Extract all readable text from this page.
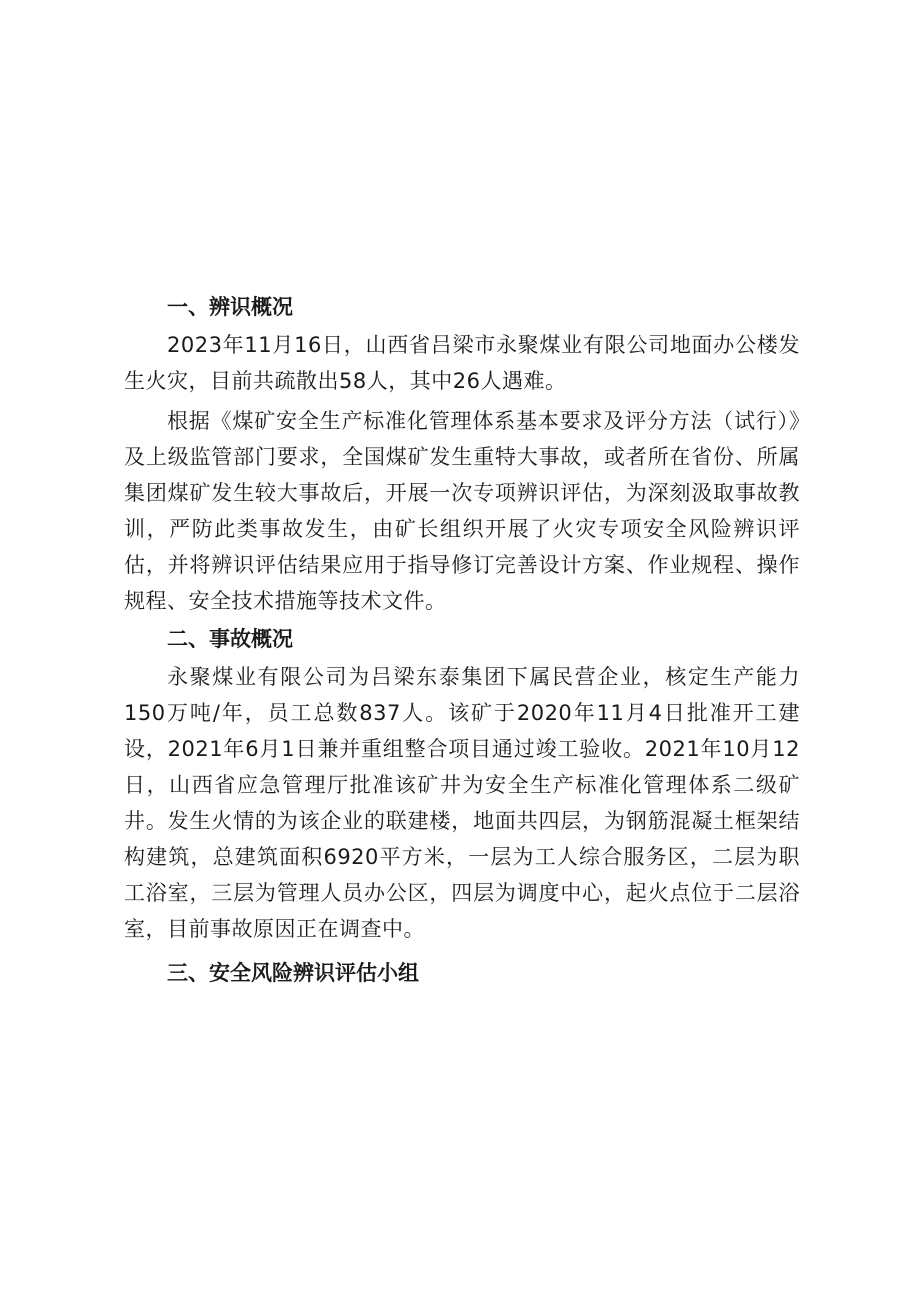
一、辨识概况

2023年11月16日，山西省吕梁市永聚煤业有限公司地面办公楼发生火灾，目前共疏散出58人，其中26人遇难。

根据《煤矿安全生产标准化管理体系基本要求及评分方法（试行）》及上级监管部门要求，全国煤矿发生重特大事故，或者所在省份、所属集团煤矿发生较大事故后，开展一次专项辨识评估，为深刻汲取事故教训，严防此类事故发生，由矿长组织开展了火灾专项安全风险辨识评估，并将辨识评估结果应用于指导修订完善设计方案、作业规程、操作规程、安全技术措施等技术文件。

二、事故概况

永聚煤业有限公司为吕梁东泰集团下属民营企业，核定生产能力150万吨/年，员工总数837人。该矿于2020年11月4日批准开工建设，2021年6月1日兼并重组整合项目通过竣工验收。2021年10月12日，山西省应急管理厅批准该矿井为安全生产标准化管理体系二级矿井。发生火情的为该企业的联建楼，地面共四层，为钢筋混凝土框架结构建筑，总建筑面积6920平方米，一层为工人综合服务区，二层为职工浴室，三层为管理人员办公区，四层为调度中心，起火点位于二层浴室，目前事故原因正在调查中。

三、安全风险辨识评估小组
